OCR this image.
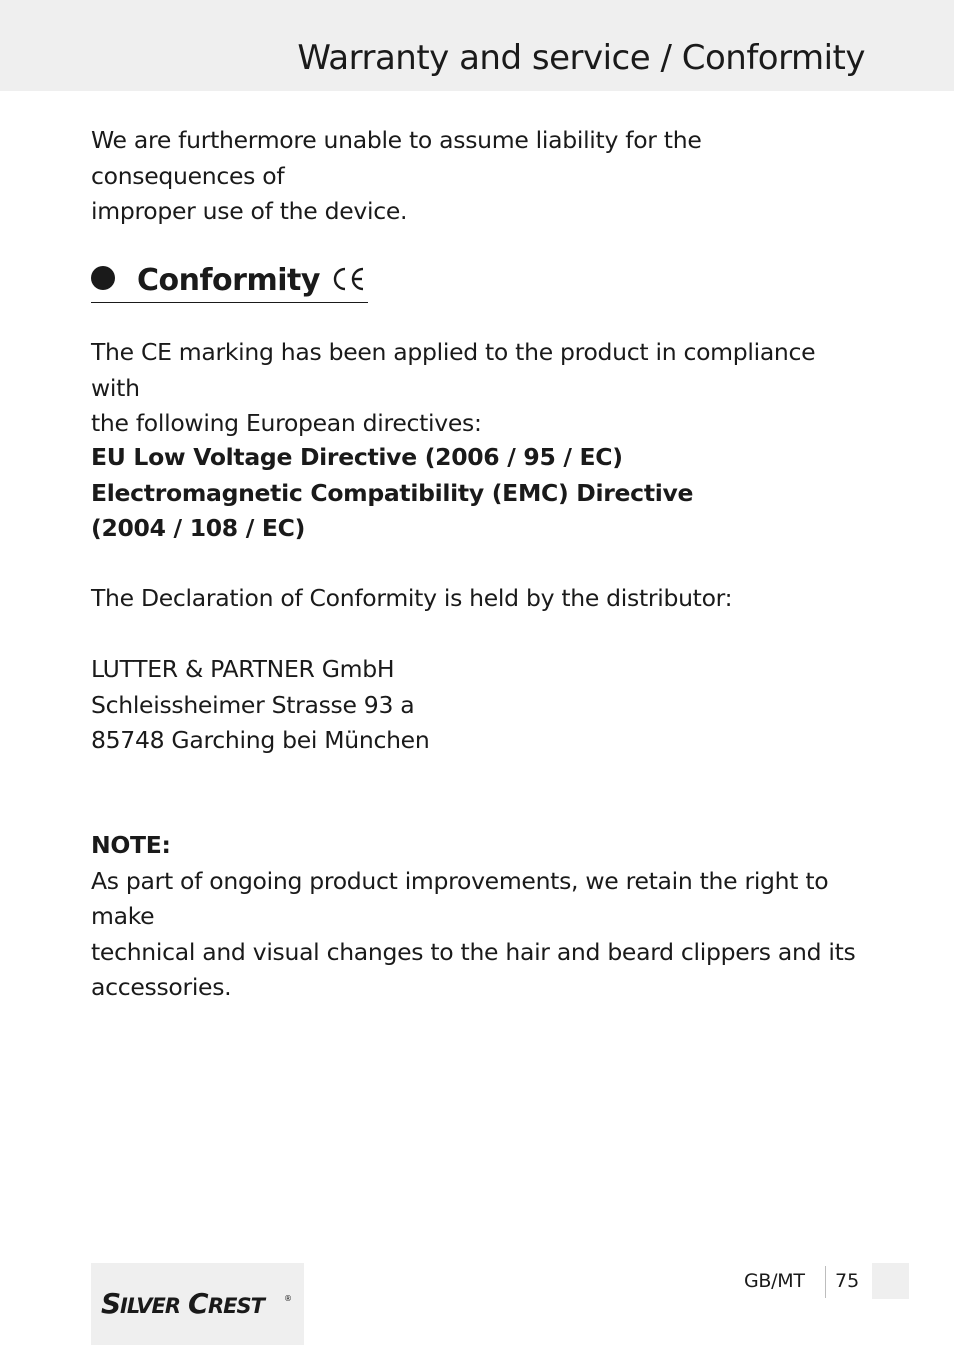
Warranty and service / Conformity

We are furthermore unable to assume liability for the consequences of

improper use of the device.

Conformity

The CE marking has been applied to the product in compliance with

the following European directives:

EU Low Voltage Directive (2006 / 95 / EC)

Electromagnetic Compatibility (EMC) Directive

(2004 / 108 / EC)

The Declaration of Conformity is held by the distributor:

LUTTER & PARTNER GmbH

Schleissheimer Strasse 93 a

85748 Garching bei München

NOTE:

As part of ongoing product improvements, we retain the right to make

technical and visual changes to the hair and beard clippers and its

accessories.

S ILVER C REST	®
GB/MT 75
